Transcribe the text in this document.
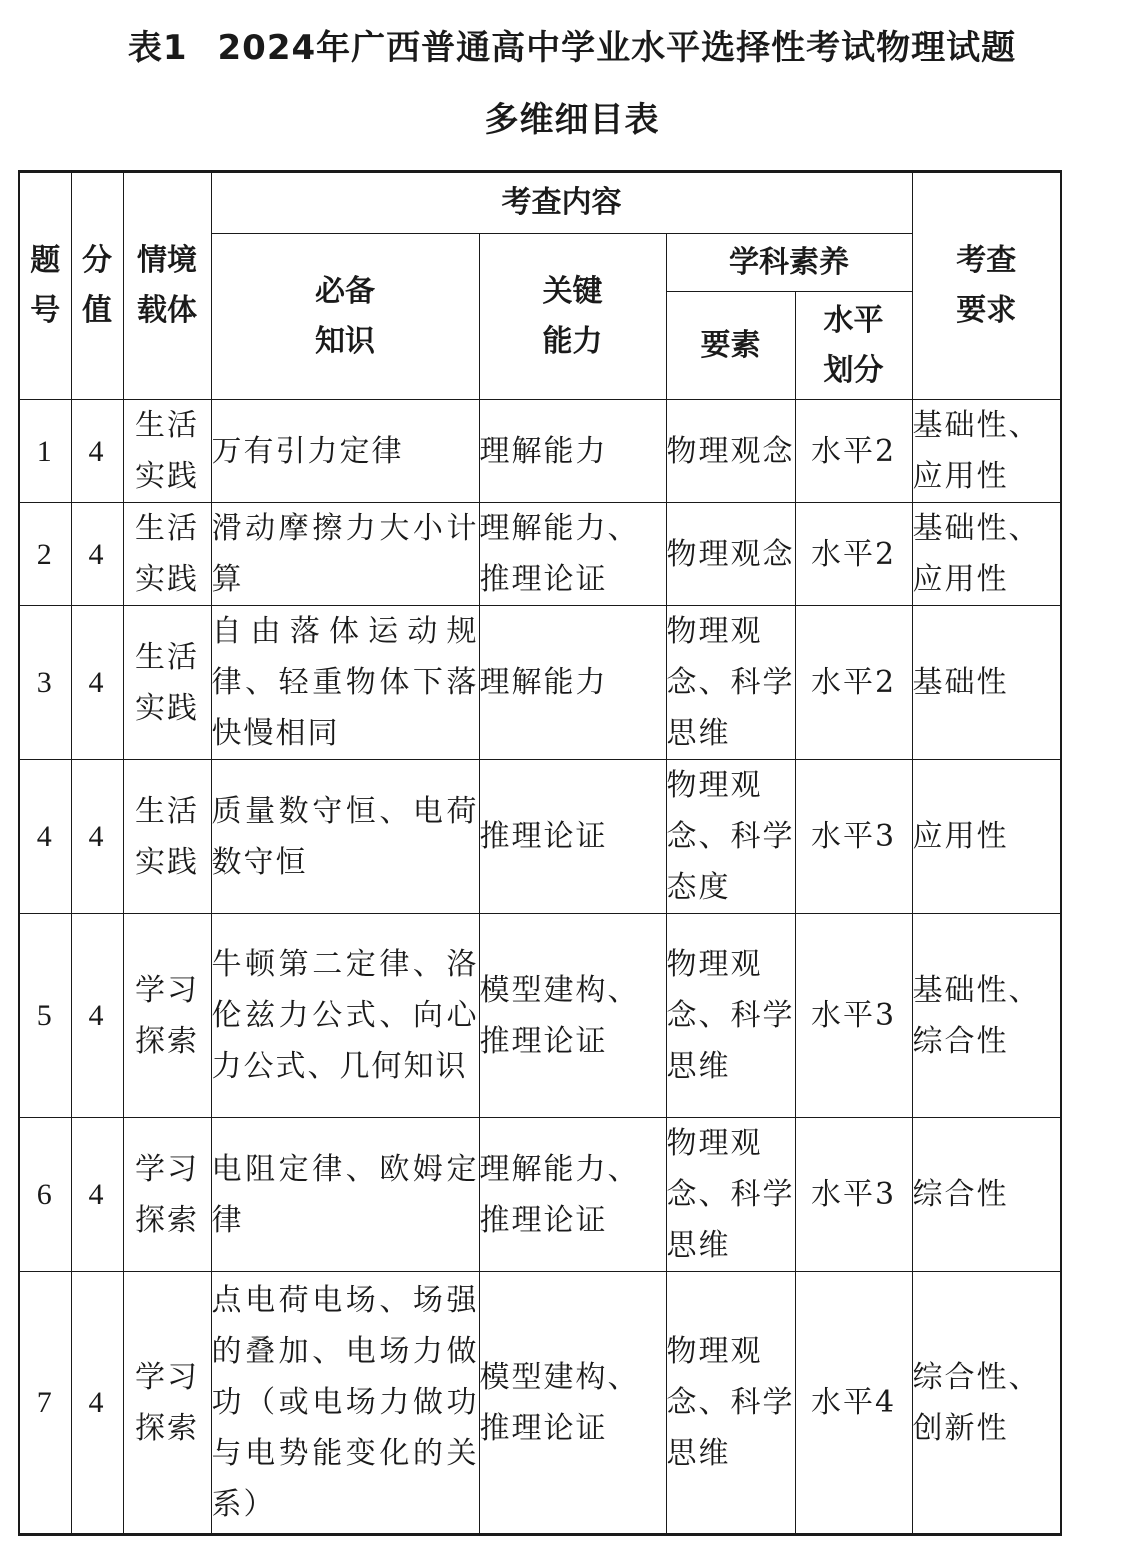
表1 2024年广西普通高中学业水平选择性考试物理试题
多维细目表
题号	分值	情境载体	考查内容				考查要求
			必备知识	关键能力	学科素养		
					要素	水平划分	
1	4	生活实践	万有引力定律	理解能力	物理观念	水平2	基础性、应用性
2	4	生活实践	滑动摩擦力大小计算	理解能力、推理论证	物理观念	水平2	基础性、应用性
3	4	生活实践	自由落体运动规律、轻重物体下落快慢相同	理解能力	物理观念、科学思维	水平2	基础性
4	4	生活实践	质量数守恒、电荷数守恒	推理论证	物理观念、科学态度	水平3	应用性
5	4	学习探索	牛顿第二定律、洛伦兹力公式、向心力公式、几何知识	模型建构、推理论证	物理观念、科学思维	水平3	基础性、综合性
6	4	学习探索	电阻定律、欧姆定律	理解能力、推理论证	物理观念、科学思维	水平3	综合性
7	4	学习探索	点电荷电场、场强的叠加、电场力做功（或电场力做功与电势能变化的关系）	模型建构、推理论证	物理观念、科学思维	水平4	综合性、创新性
